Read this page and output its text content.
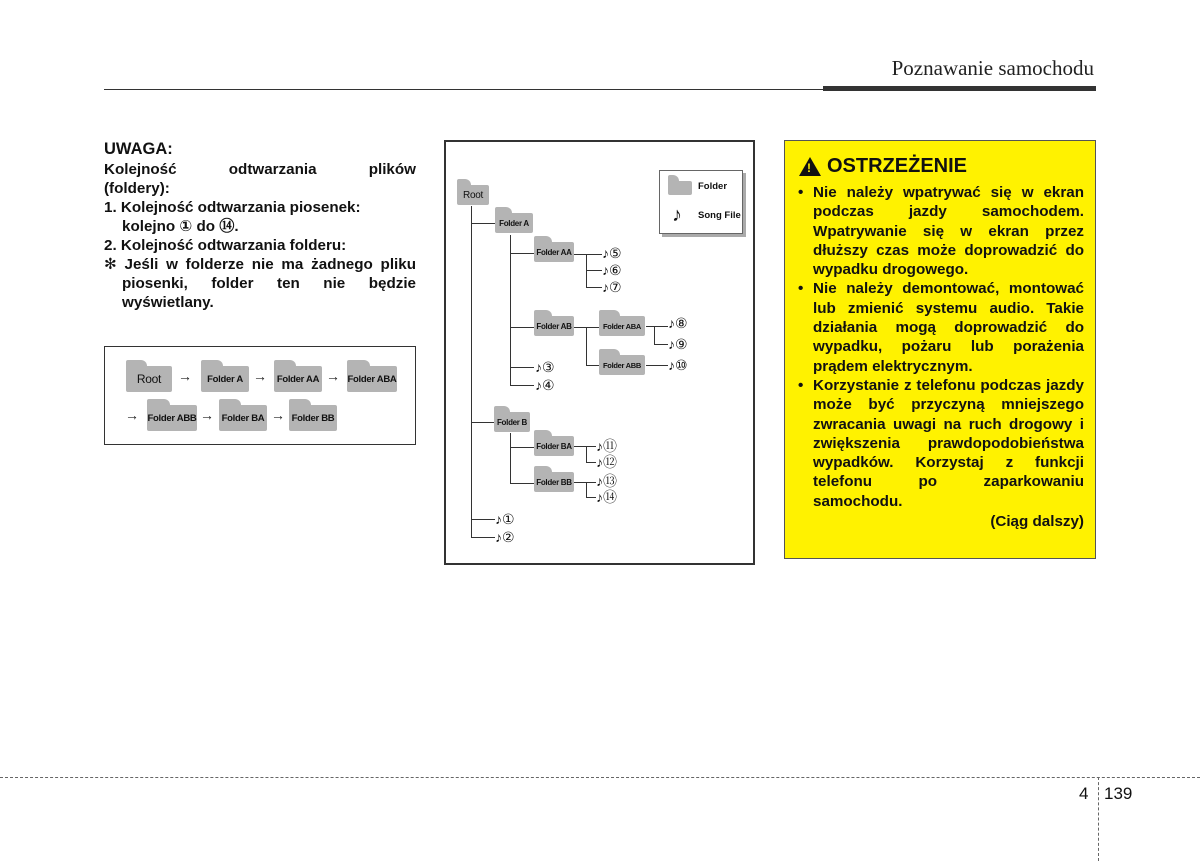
Poznawanie samochodu
UWAGA:
Kolejność	odtwarzania	plików
(foldery):
1. Kolejność odtwarzania piosenek:
kolejno ① do ⑭.
2. Kolejność odtwarzania folderu:
✻ Jeśli w folderze nie ma żadnego pliku piosenki, folder ten nie będzie wyświetlany.
Root	→	Folder A → Folder AA → Folder ABA
→ Folder ABB → Folder BA → Folder BB
Folder
♪ Song File
Root
Folder A
Folder AA
Folder AB	Folder ABA
Folder ABB
Folder B
Folder BA
Folder BB
♪⑤
♪⑥
♪⑦
♪⑧
♪⑨
♪⑩
♪③
♪④
♪⑪
♪⑫
♪⑬
♪⑭
♪①
♪②
! OSTRZEŻENIE
• Nie należy wpatrywać się w ekran podczas jazdy samochodem. Wpatrywanie się w ekran przez dłuższy czas może doprowadzić do wypadku drogowego.
• Nie należy demontować, montować lub zmienić systemu audio. Takie działania mogą doprowadzić do wypadku, pożaru lub porażenia prądem elektrycznym.
• Korzystanie z telefonu podczas jazdy może być przyczyną mniejszego zwracania uwagi na ruch drogowy i zwiększenia prawdopodobieństwa wypadków. Korzystaj z funkcji telefonu po zaparkowaniu samochodu.
(Ciąg dalszy)
4 139
